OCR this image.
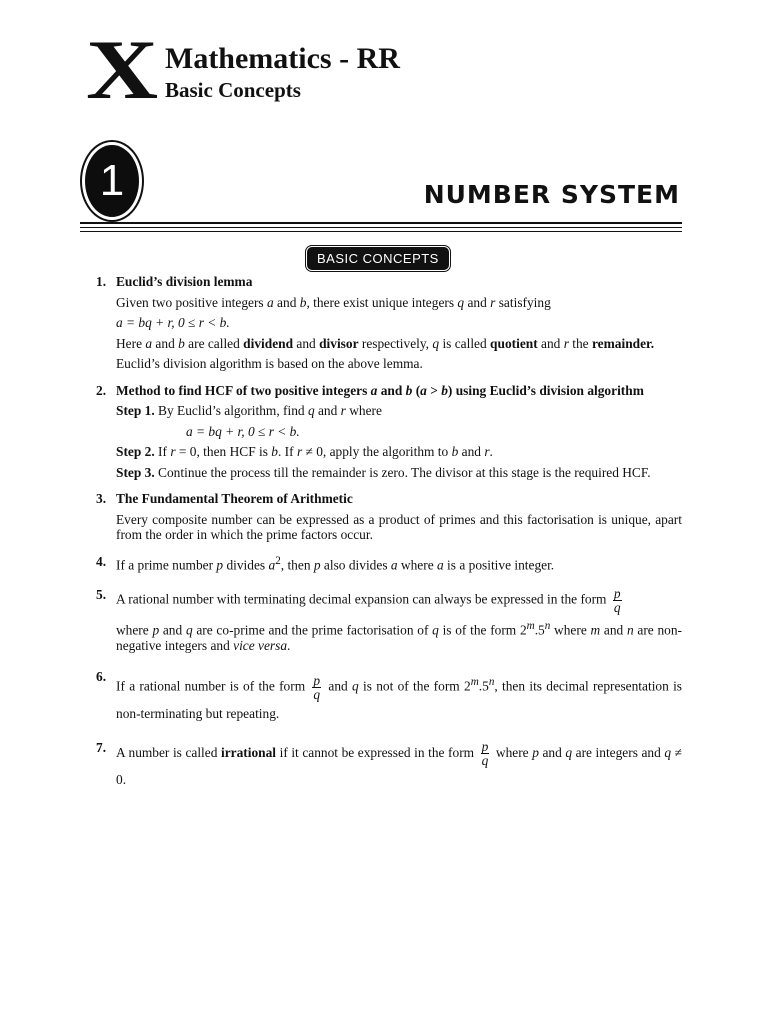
X Mathematics - RR
Basic Concepts
1	NUMBER SYSTEM
BASIC CONCEPTS
1. Euclid’s division lemma

Given two positive integers a and b, there exist unique integers q and r satisfying

a = bq + r, 0 ≤ r < b.

Here a and b are called dividend and divisor respectively, q is called quotient and r the remainder.

Euclid’s division algorithm is based on the above lemma.

2. Method to find HCF of two positive integers a and b (a > b) using Euclid’s division algorithm

Step 1. By Euclid’s algorithm, find q and r where

a = bq + r, 0 ≤ r < b.

Step 2. If r = 0, then HCF is b. If r ≠ 0, apply the algorithm to b and r.

Step 3. Continue the process till the remainder is zero. The divisor at this stage is the required HCF.

3. The Fundamental Theorem of Arithmetic

Every composite number can be expressed as a product of primes and this factorisation is unique, apart from the order in which the prime factors occur.

4. If a prime number p divides $a^2$, then p also divides a where a is a positive integer.

5. A rational number with terminating decimal expansion can always be expressed in the form $\frac{p}{q}$

where p and q are co-prime and the prime factorisation of q is of the form 2$^m$.5$^n$ where m and n are non-negative integers and vice versa.

6.

If a rational number is of the form $\frac{p}{q}$ and q is not of the form 2$^m$.5$^n$, then its decimal representation is non-terminating but repeating.

7. A number is called irrational if it cannot be expressed in the form $\frac{p}{q}$ where p and q are integers and q ≠ 0.
